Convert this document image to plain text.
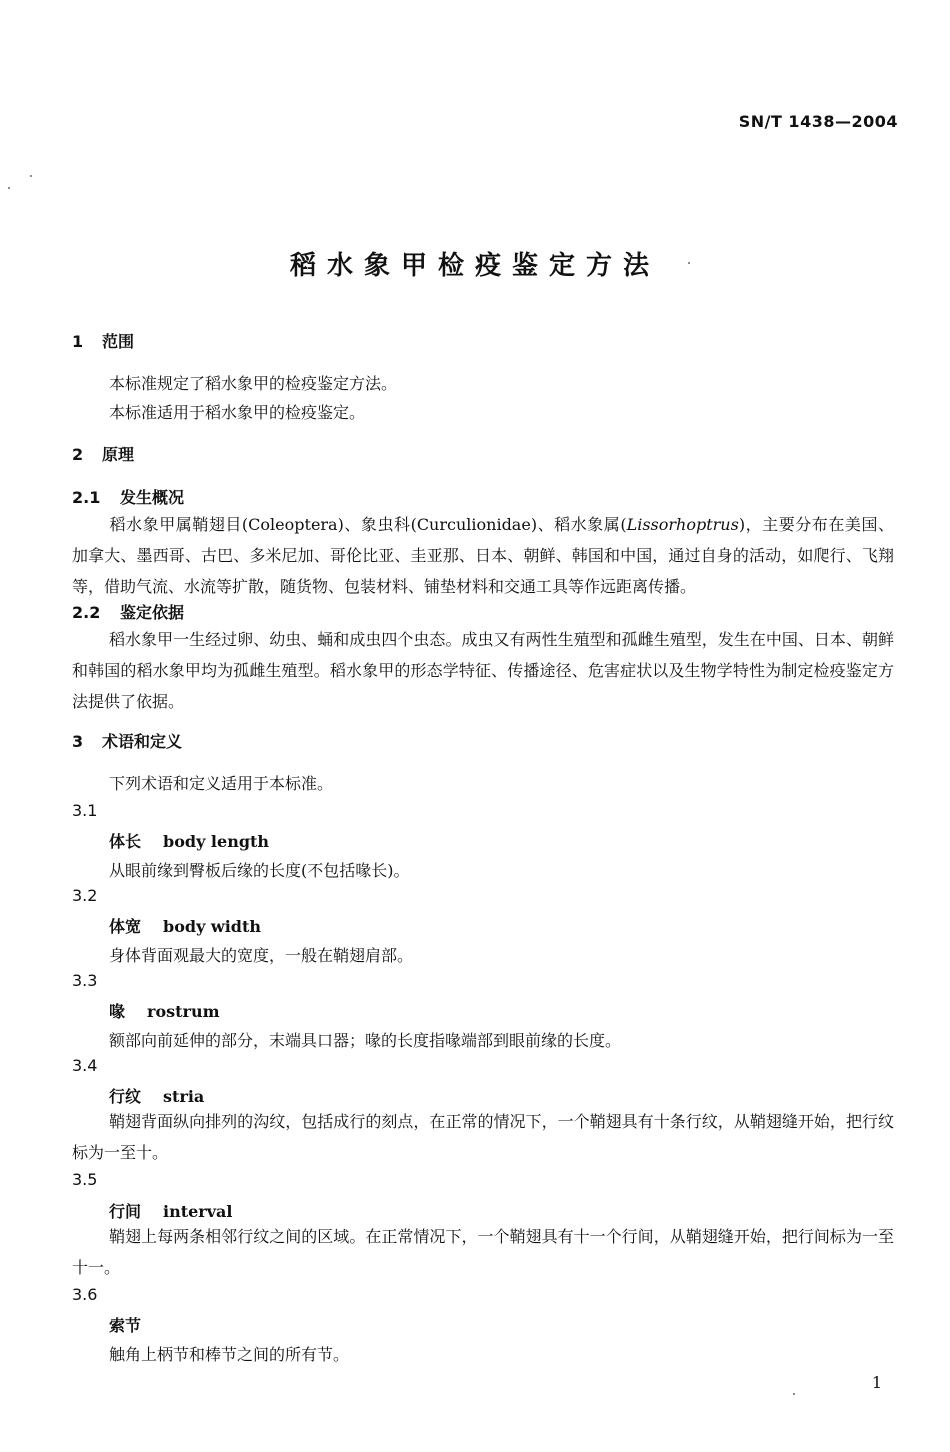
SN/T 1438—2004
稻水象甲检疫鉴定方法
1 范围
本标准规定了稻水象甲的检疫鉴定方法。
本标准适用于稻水象甲的检疫鉴定。
2 原理
2.1 发生概况
稻水象甲属鞘翅目(Coleoptera)、象虫科(Curculionidae)、稻水象属(Lissorhoptrus)，主要分布在美国、加拿大、墨西哥、古巴、多米尼加、哥伦比亚、圭亚那、日本、朝鲜、韩国和中国，通过自身的活动，如爬行、飞翔等，借助气流、水流等扩散，随货物、包装材料、铺垫材料和交通工具等作远距离传播。
2.2 鉴定依据
稻水象甲一生经过卵、幼虫、蛹和成虫四个虫态。成虫又有两性生殖型和孤雌生殖型，发生在中国、日本、朝鲜和韩国的稻水象甲均为孤雌生殖型。稻水象甲的形态学特征、传播途径、危害症状以及生物学特性为制定检疫鉴定方法提供了依据。
3 术语和定义
下列术语和定义适用于本标准。
3.1
体长 body length
从眼前缘到臀板后缘的长度(不包括喙长)。
3.2
体宽 body width
身体背面观最大的宽度，一般在鞘翅肩部。
3.3
喙 rostrum
额部向前延伸的部分，末端具口器；喙的长度指喙端部到眼前缘的长度。
3.4
行纹 stria
鞘翅背面纵向排列的沟纹，包括成行的刻点，在正常的情况下，一个鞘翅具有十条行纹，从鞘翅缝开始，把行纹标为一至十。
3.5
行间 interval
鞘翅上每两条相邻行纹之间的区域。在正常情况下，一个鞘翅具有十一个行间，从鞘翅缝开始，把行间标为一至十一。
3.6
索节
触角上柄节和棒节之间的所有节。
1
